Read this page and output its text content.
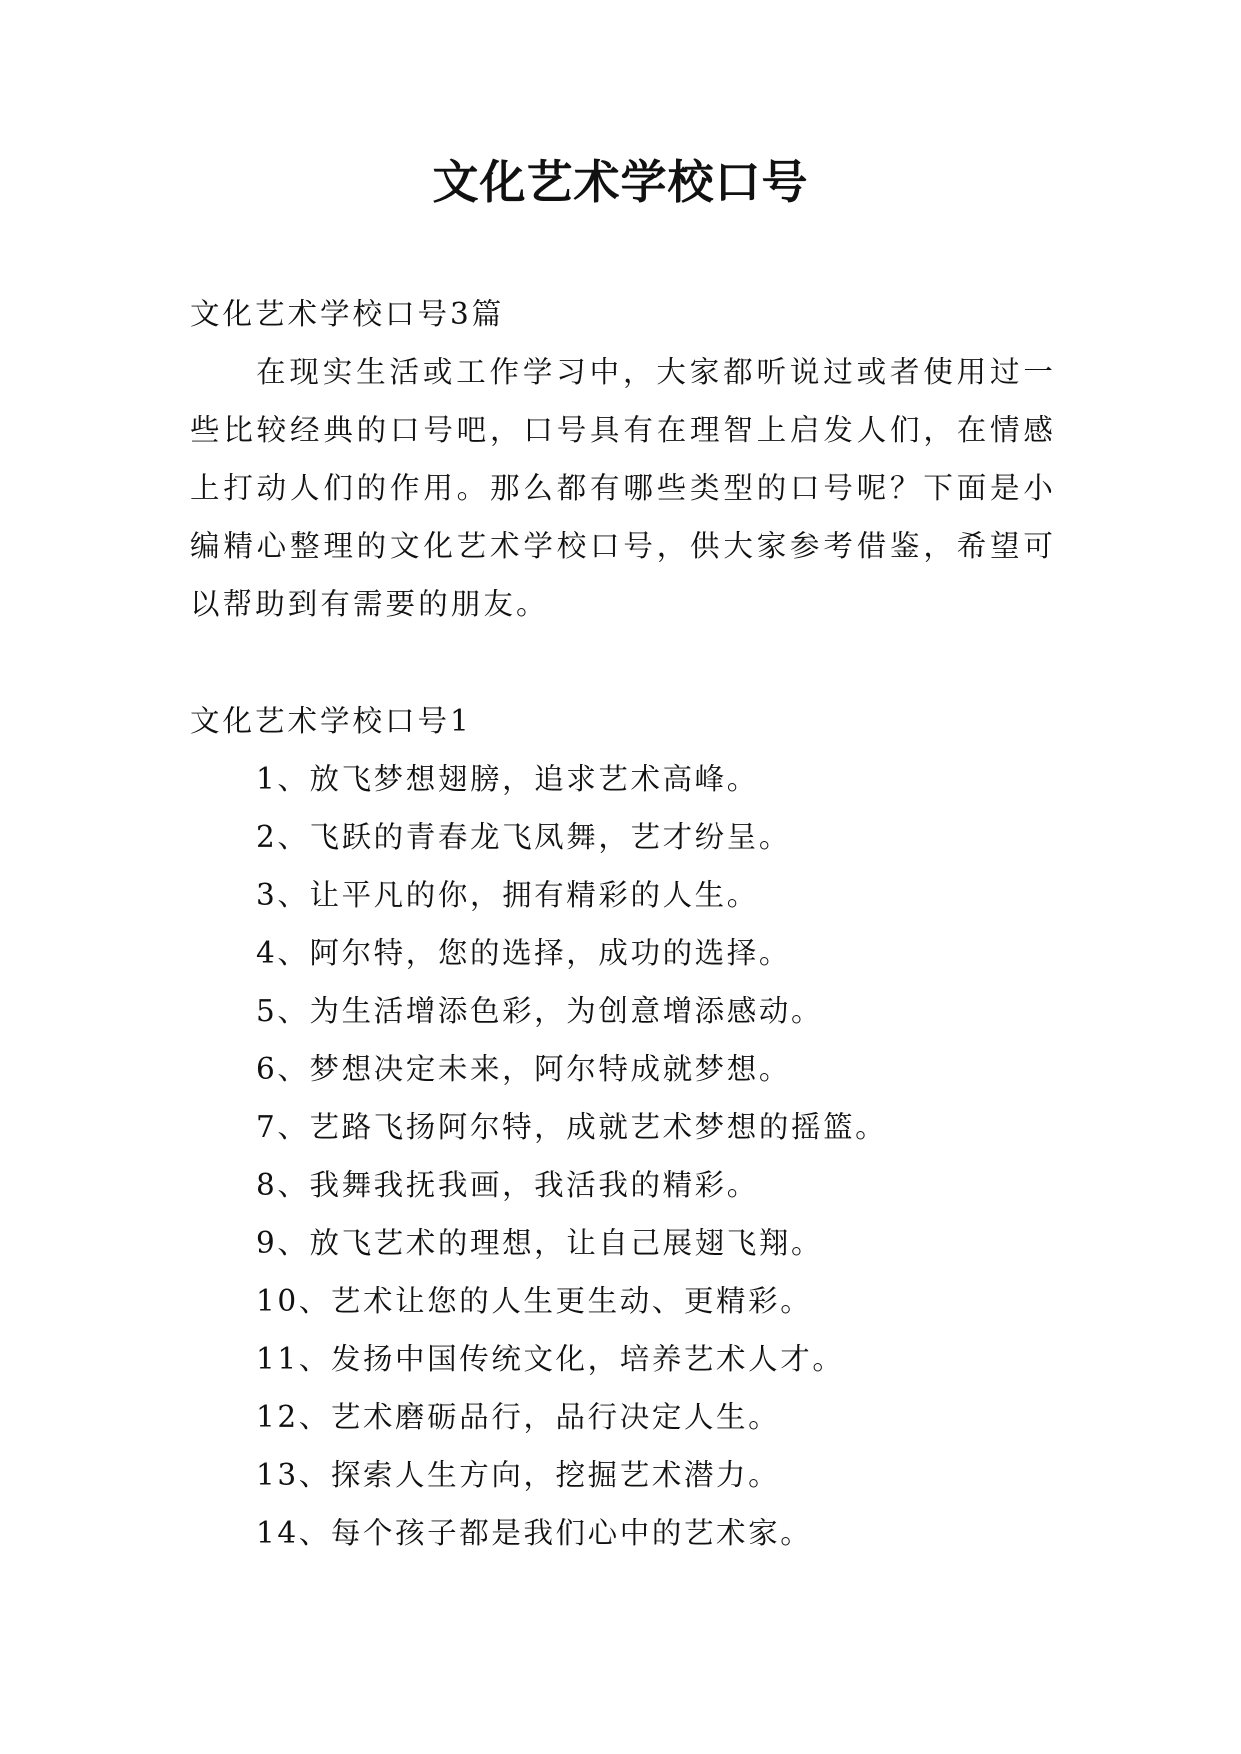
文化艺术学校口号

文化艺术学校口号3篇

在现实生活或工作学习中，大家都听说过或者使用过一些比较经典的口号吧，口号具有在理智上启发人们，在情感上打动人们的作用。那么都有哪些类型的口号呢？下面是小编精心整理的文化艺术学校口号，供大家参考借鉴，希望可以帮助到有需要的朋友。

文化艺术学校口号1

1、放飞梦想翅膀，追求艺术高峰。
2、飞跃的青春龙飞凤舞，艺才纷呈。
3、让平凡的你，拥有精彩的人生。
4、阿尔特，您的选择，成功的选择。
5、为生活增添色彩，为创意增添感动。
6、梦想决定未来，阿尔特成就梦想。
7、艺路飞扬阿尔特，成就艺术梦想的摇篮。
8、我舞我抚我画，我活我的精彩。
9、放飞艺术的理想，让自己展翅飞翔。
10、艺术让您的人生更生动、更精彩。
11、发扬中国传统文化，培养艺术人才。
12、艺术磨砺品行，品行决定人生。
13、探索人生方向，挖掘艺术潜力。
14、每个孩子都是我们心中的艺术家。
